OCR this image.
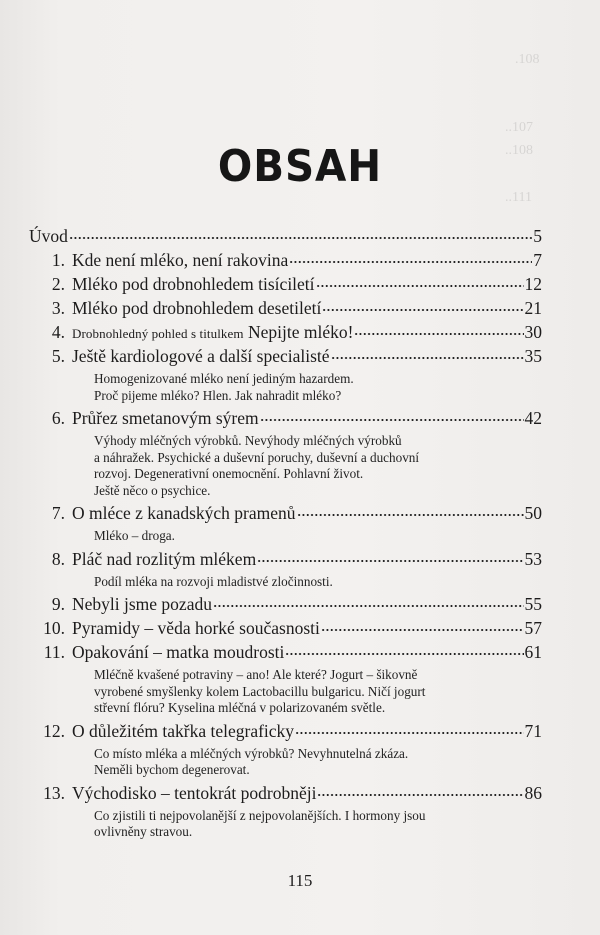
.108
..107
..108
..111
OBSAH
Úvod	5
1. Kde není mléko, není rakovina	7
2. Mléko pod drobnohledem tisíciletí	12
3. Mléko pod drobnohledem desetiletí	21
4. Drobnohledný pohled s titulkem Nepijte mléko!	30
5. Ještě kardiologové a další specialisté	35
Homogenizované mléko není jediným hazardem.
Proč pijeme mléko? Hlen. Jak nahradit mléko?
6. Průřez smetanovým sýrem	42
Výhody mléčných výrobků. Nevýhody mléčných výrobků
a náhražek. Psychické a duševní poruchy, duševní a duchovní
rozvoj. Degenerativní onemocnění. Pohlavní život.
Ještě něco o psychice.
7. O mléce z kanadských pramenů	50
Mléko – droga.
8. Pláč nad rozlitým mlékem	53
Podíl mléka na rozvoji mladistvé zločinnosti.
9. Nebyli jsme pozadu	55
10. Pyramidy – věda horké současnosti	57
11. Opakování – matka moudrosti	61
Mléčně kvašené potraviny – ano! Ale které? Jogurt – šikovně
vyrobené smyšlenky kolem Lactobacillu bulgaricu. Ničí jogurt
střevní flóru? Kyselina mléčná v polarizovaném světle.
12. O důležitém takřka telegraficky	71
Co místo mléka a mléčných výrobků? Nevyhnutelná zkáza.
Neměli bychom degenerovat.
13. Východisko – tentokrát podrobněji	86
Co zjistili ti nejpovolanější z nejpovolanějších. I hormony jsou
ovlivněny stravou.
115
